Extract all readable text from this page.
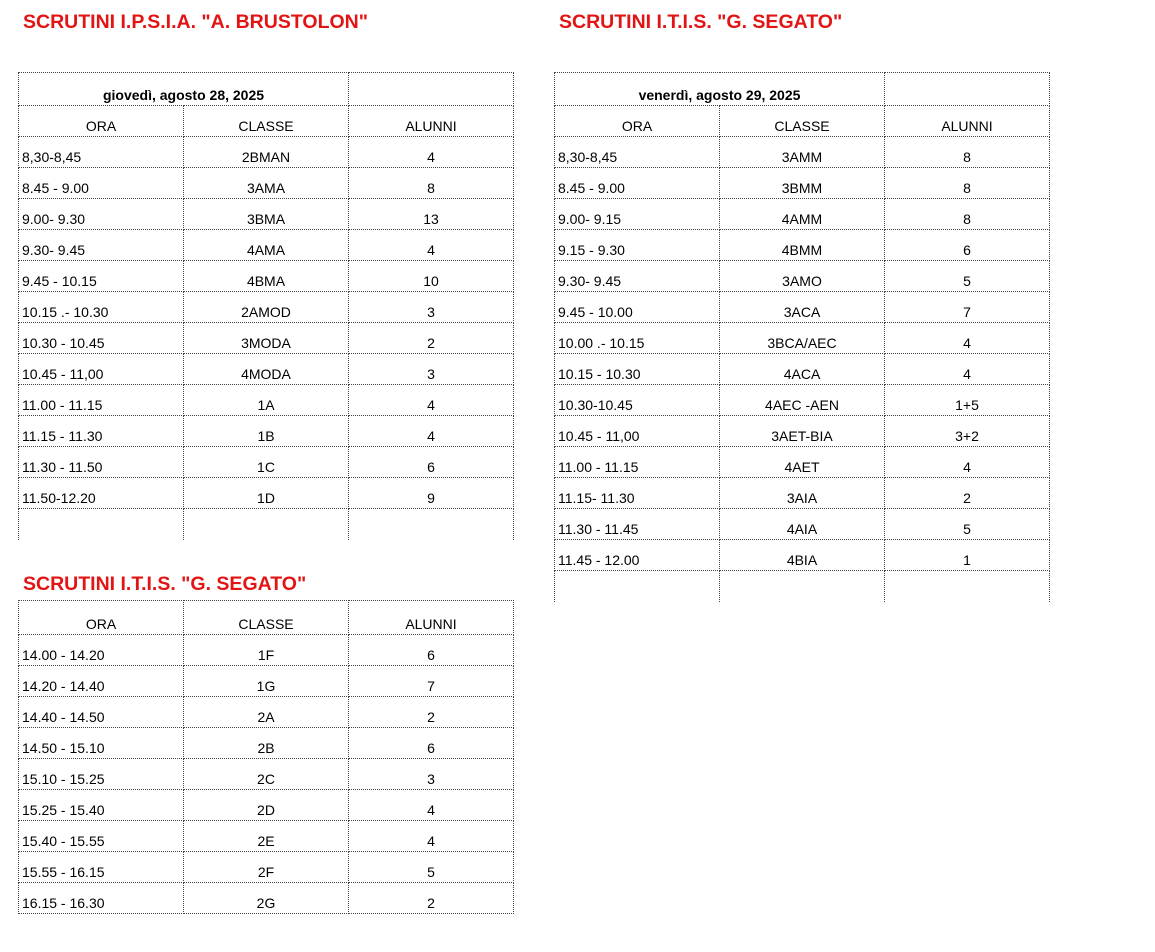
SCRUTINI I.P.S.I.A. "A. BRUSTOLON"	SCRUTINI I.T.I.S. "G. SEGATO"
giovedì, agosto 28, 2025		
ORA	CLASSE	ALUNNI
8,30-8,45	2BMAN	4
8.45 - 9.00	3AMA	8
9.00- 9.30	3BMA	13
9.30- 9.45	4AMA	4
9.45 - 10.15	4BMA	10
10.15 .- 10.30	2AMOD	3
10.30 - 10.45	3MODA	2
10.45 - 11,00	4MODA	3
11.00 - 11.15	1A	4
11.15 - 11.30	1B	4
11.30 - 11.50	1C	6
11.50-12.20	1D	9

venerdì, agosto 29, 2025		
ORA	CLASSE	ALUNNI
8,30-8,45	3AMM	8
8.45 - 9.00	3BMM	8
9.00- 9.15	4AMM	8
9.15 - 9.30	4BMM	6
9.30- 9.45	3AMO	5
9.45 - 10.00	3ACA	7
10.00 .- 10.15	3BCA/AEC	4
10.15 - 10.30	4ACA	4
10.30-10.45	4AEC -AEN	1+5
10.45 - 11,00	3AET-BIA	3+2
11.00 - 11.15	4AET	4
11.15- 11.30	3AIA	2
11.30 - 11.45	4AIA	5
11.45 - 12.00	4BIA	1

SCRUTINI I.T.I.S. "G. SEGATO"
ORA	CLASSE	ALUNNI
14.00 - 14.20	1F	6
14.20 - 14.40	1G	7
14.40 - 14.50	2A	2
14.50 - 15.10	2B	6
15.10 - 15.25	2C	3
15.25 - 15.40	2D	4
15.40 - 15.55	2E	4
15.55 - 16.15	2F	5
16.15 - 16.30	2G	2
